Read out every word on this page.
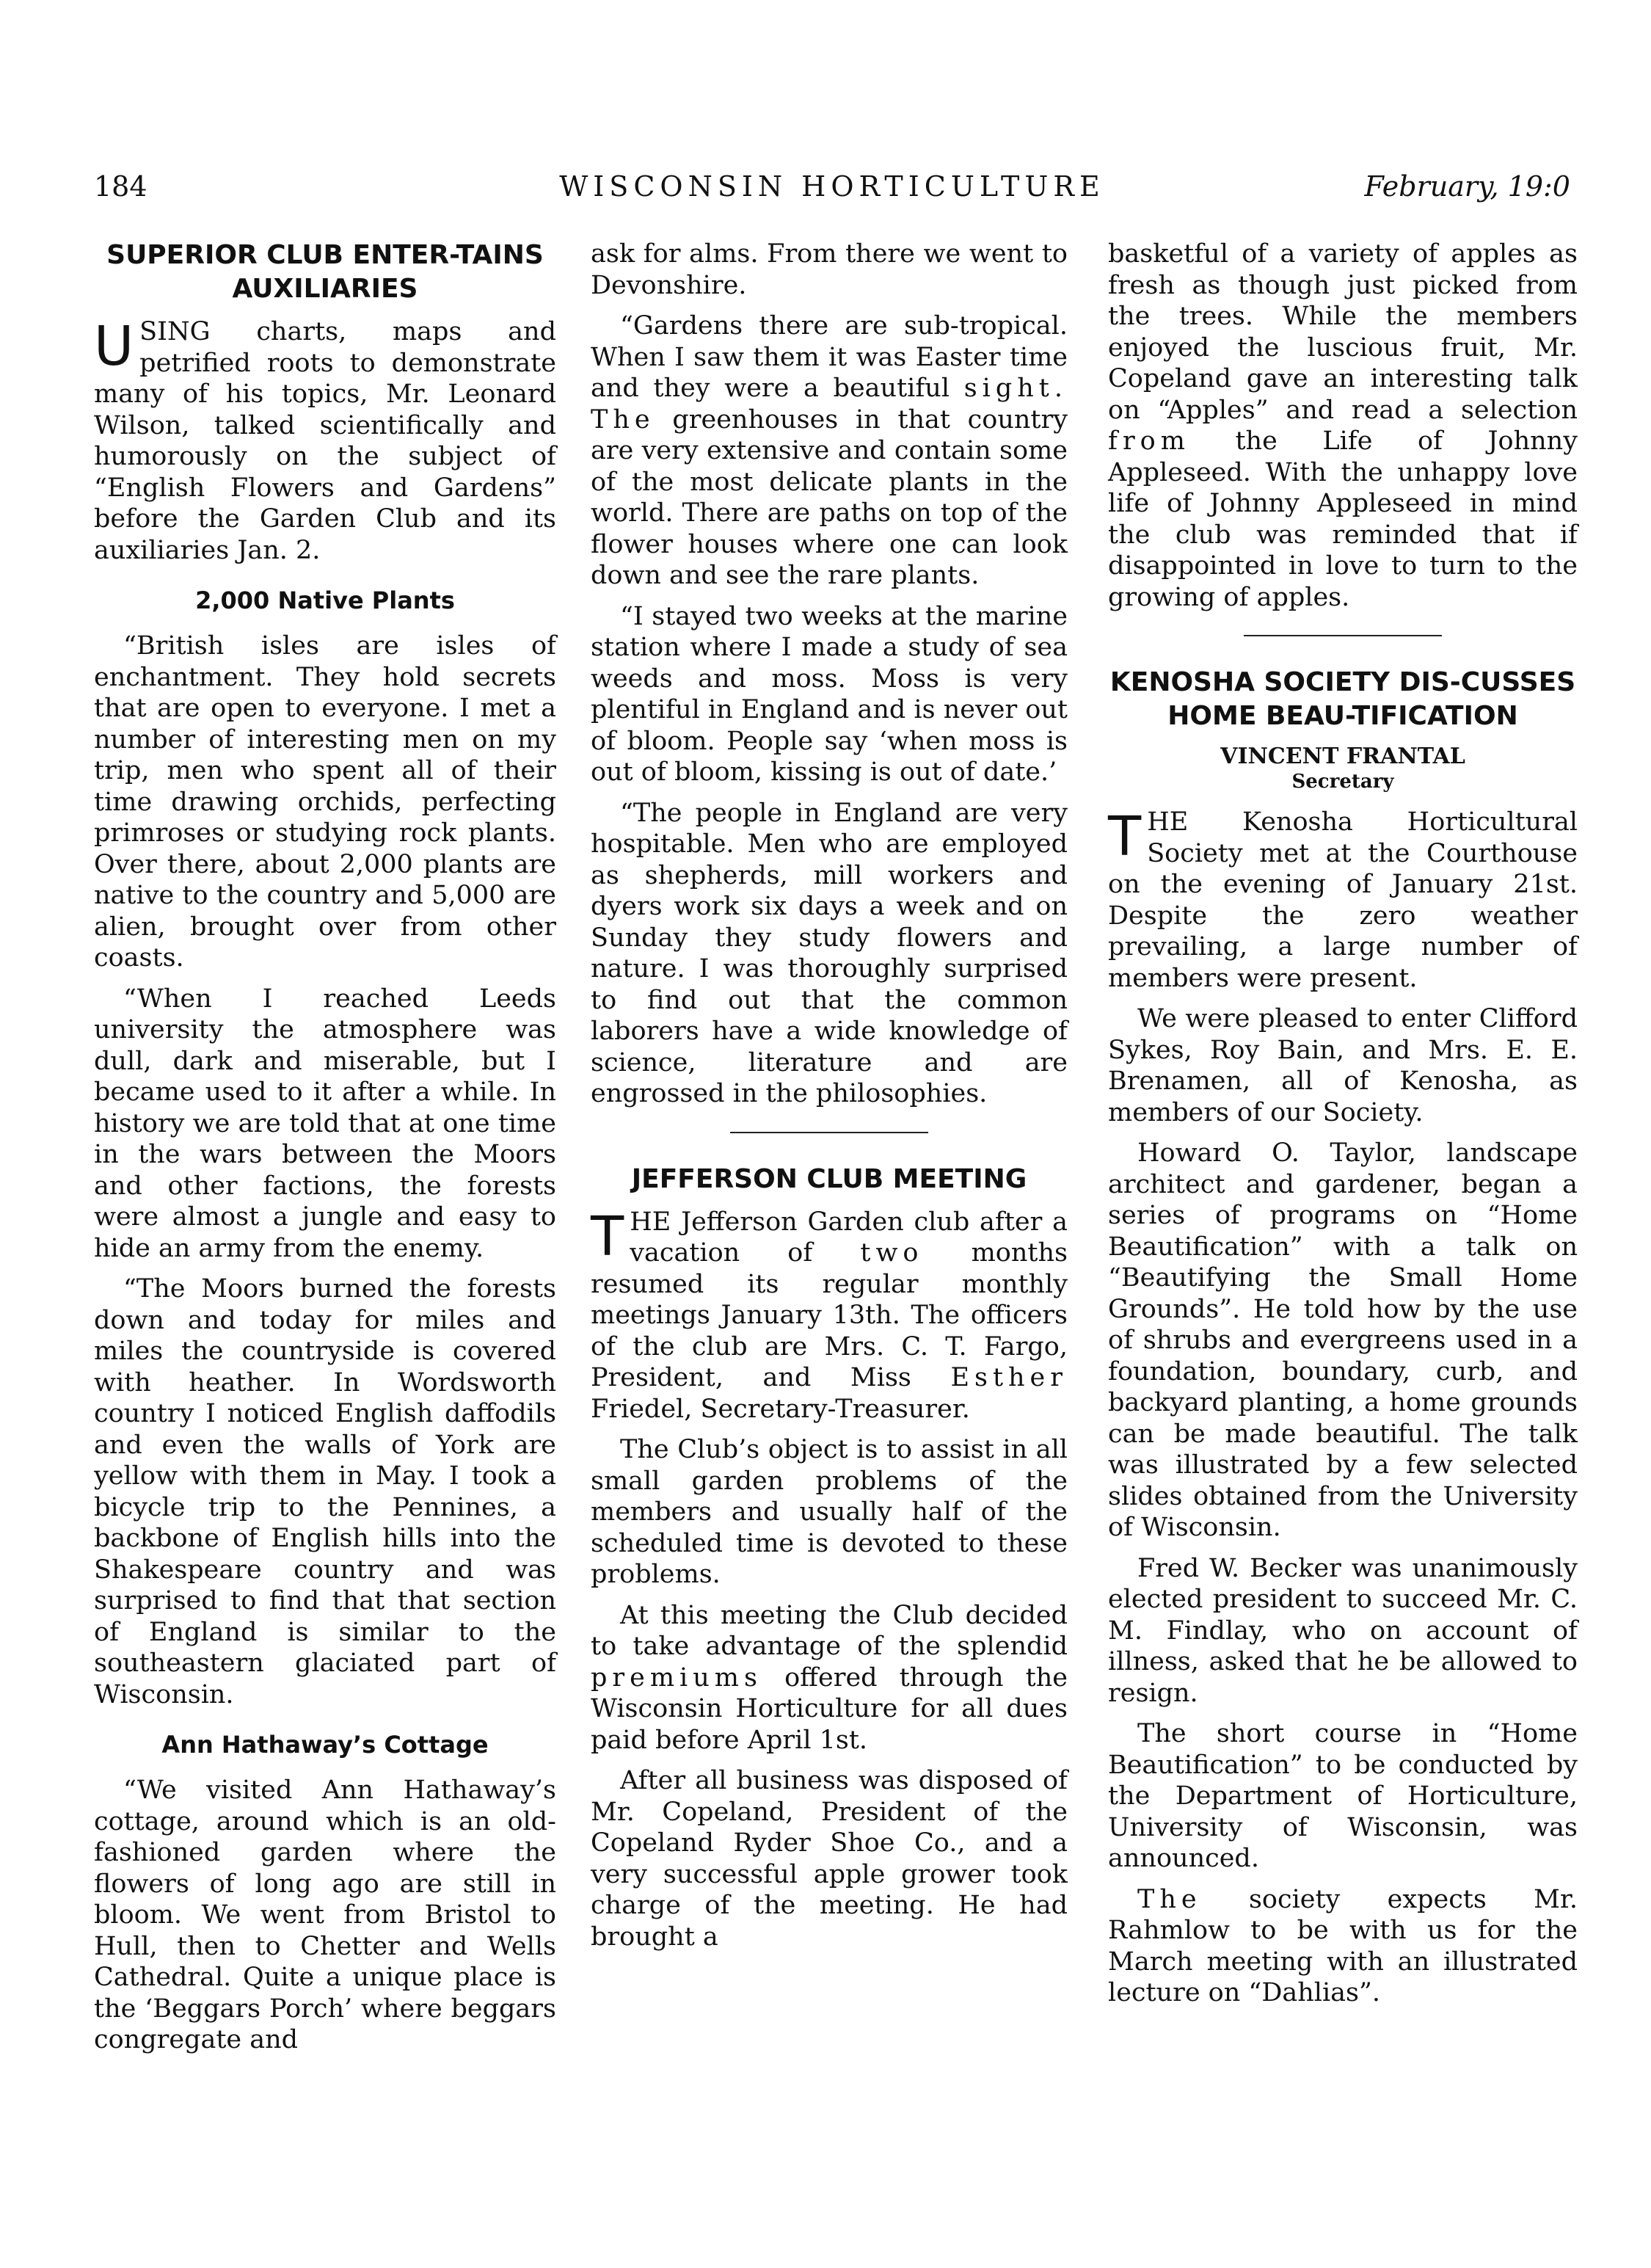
184	WISCONSIN HORTICULTURE	February, 19:0
SUPERIOR CLUB ENTER-TAINS AUXILIARIES

USING charts, maps and petrified roots to demonstrate many of his topics, Mr. Leonard Wilson, talked scientifically and humorously on the subject of “English Flowers and Gardens” before the Garden Club and its auxiliaries Jan. 2.

2,000 Native Plants

“British isles are isles of enchantment. They hold secrets that are open to everyone. I met a number of interesting men on my trip, men who spent all of their time drawing orchids, perfecting primroses or studying rock plants. Over there, about 2,000 plants are native to the country and 5,000 are alien, brought over from other coasts.

“When I reached Leeds university the atmosphere was dull, dark and miserable, but I became used to it after a while. In history we are told that at one time in the wars between the Moors and other factions, the forests were almost a jungle and easy to hide an army from the enemy.

“The Moors burned the forests down and today for miles and miles the countryside is covered with heather. In Wordsworth country I noticed English daffodils and even the walls of York are yellow with them in May. I took a bicycle trip to the Pennines, a backbone of English hills into the Shakespeare country and was surprised to find that that section of England is similar to the southeastern glaciated part of Wisconsin.

Ann Hathaway’s Cottage

“We visited Ann Hathaway’s cottage, around which is an old-fashioned garden where the flowers of long ago are still in bloom. We went from Bristol to Hull, then to Chetter and Wells Cathedral. Quite a unique place is the ‘Beggars Porch’ where beggars congregate and

ask for alms. From there we went to Devonshire.

“Gardens there are sub-tropical. When I saw them it was Easter time and they were a beautiful sight. The greenhouses in that country are very extensive and contain some of the most delicate plants in the world. There are paths on top of the flower houses where one can look down and see the rare plants.

“I stayed two weeks at the marine station where I made a study of sea weeds and moss. Moss is very plentiful in England and is never out of bloom. People say ‘when moss is out of bloom, kissing is out of date.’

“The people in England are very hospitable. Men who are employed as shepherds, mill workers and dyers work six days a week and on Sunday they study flowers and nature. I was thoroughly surprised to find out that the common laborers have a wide knowledge of science, literature and are engrossed in the philosophies.

JEFFERSON CLUB MEETING

THE Jefferson Garden club after a vacation of two months resumed its regular monthly meetings January 13th. The officers of the club are Mrs. C. T. Fargo, President, and Miss Esther Friedel, Secretary-Treasurer.

The Club’s object is to assist in all small garden problems of the members and usually half of the scheduled time is devoted to these problems.

At this meeting the Club decided to take advantage of the splendid premiums offered through the Wisconsin Horticulture for all dues paid before April 1st.

After all business was disposed of Mr. Copeland, President of the Copeland Ryder Shoe Co., and a very successful apple grower took charge of the meeting. He had brought a

basketful of a variety of apples as fresh as though just picked from the trees. While the members enjoyed the luscious fruit, Mr. Copeland gave an interesting talk on “Apples” and read a selection from the Life of Johnny Appleseed. With the unhappy love life of Johnny Appleseed in mind the club was reminded that if disappointed in love to turn to the growing of apples.

KENOSHA SOCIETY DIS-CUSSES HOME BEAU-TIFICATION
VINCENT FRANTAL
Secretary

THE Kenosha Horticultural Society met at the Courthouse on the evening of January 21st. Despite the zero weather prevailing, a large number of members were present.

We were pleased to enter Clifford Sykes, Roy Bain, and Mrs. E. E. Brenamen, all of Kenosha, as members of our Society.

Howard O. Taylor, landscape architect and gardener, began a series of programs on “Home Beautification” with a talk on “Beautifying the Small Home Grounds”. He told how by the use of shrubs and evergreens used in a foundation, boundary, curb, and backyard planting, a home grounds can be made beautiful. The talk was illustrated by a few selected slides obtained from the University of Wisconsin.

Fred W. Becker was unanimously elected president to succeed Mr. C. M. Findlay, who on account of illness, asked that he be allowed to resign.

The short course in “Home Beautification” to be conducted by the Department of Horticulture, University of Wisconsin, was announced.

The society expects Mr. Rahmlow to be with us for the March meeting with an illustrated lecture on “Dahlias”.
